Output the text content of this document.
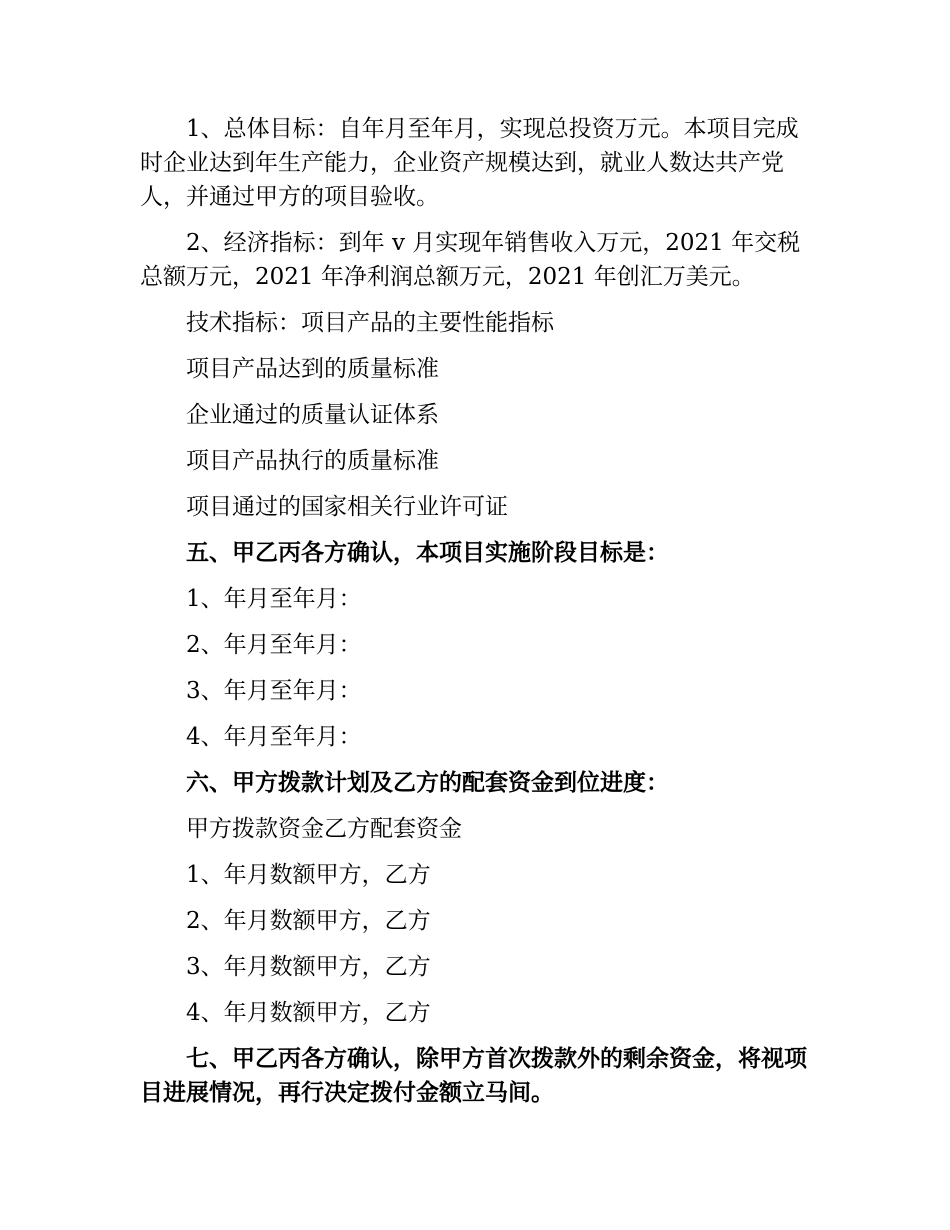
1、总体目标：自年月至年月，实现总投资万元。本项目完成时企业达到年生产能力，企业资产规模达到，就业人数达共产党人，并通过甲方的项目验收。

2、经济指标：到年 v 月实现年销售收入万元，2021 年交税总额万元，2021 年净利润总额万元，2021 年创汇万美元。

技术指标：项目产品的主要性能指标

项目产品达到的质量标准

企业通过的质量认证体系

项目产品执行的质量标准

项目通过的国家相关行业许可证

五、甲乙丙各方确认，本项目实施阶段目标是：

1、年月至年月：

2、年月至年月：

3、年月至年月：

4、年月至年月：

六、甲方拨款计划及乙方的配套资金到位进度：

甲方拨款资金乙方配套资金

1、年月数额甲方，乙方

2、年月数额甲方，乙方

3、年月数额甲方，乙方

4、年月数额甲方，乙方

七、甲乙丙各方确认，除甲方首次拨款外的剩余资金，将视项目进展情况，再行决定拨付金额立马间。
